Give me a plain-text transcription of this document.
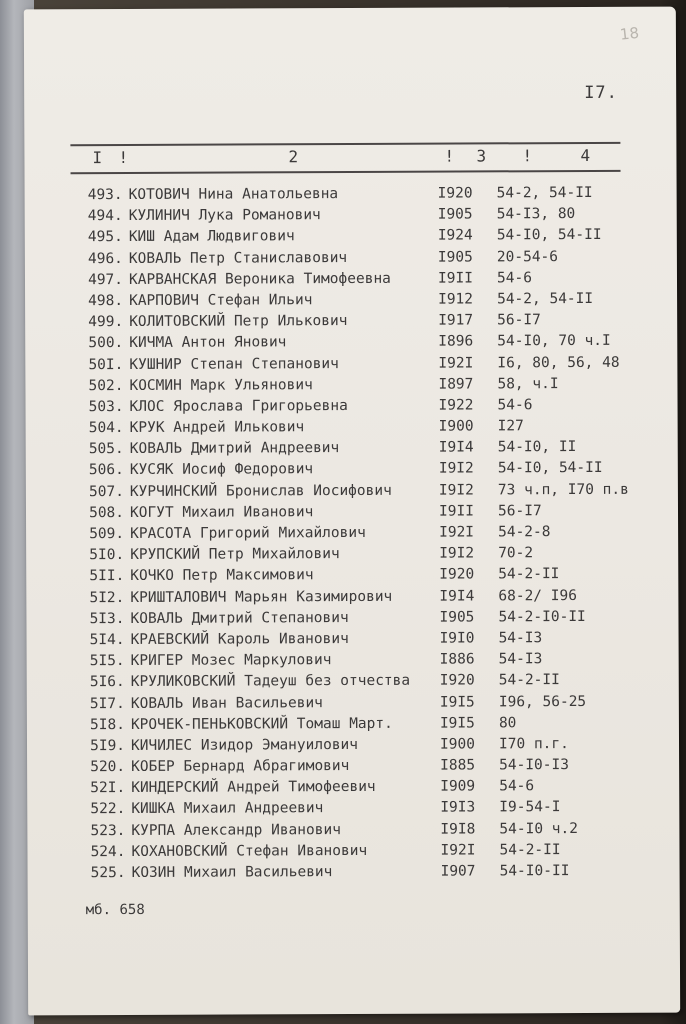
18
I7.
I !	2	! 3 !	4
493. КОТОВИЧ Нина Анатольевна	I920 54-2, 54-II
494. КУЛИНИЧ Лука Романович	I905 54-I3, 80
495. КИШ Адам Людвигович	I924 54-I0, 54-II
496. КОВАЛЬ Петр Станиславович	I905 20-54-6
497. КАРВАНСКАЯ Вероника Тимофеевна	I9II 54-6
498. КАРПОВИЧ Стефан Ильич	I912 54-2, 54-II
499. КОЛИТОВСКИЙ Петр Илькович	I917 56-I7
500. КИЧМА Антон Янович	I896 54-I0, 70 ч.I
50I. КУШНИР Степан Степанович	I92I I6, 80, 56, 48
502. КОСМИН Марк Ульянович	I897 58, ч.I
503. КЛОС Ярослава Григорьевна	I922 54-6
504. КРУК Андрей Илькович	I900 I27
505. КОВАЛЬ Дмитрий Андреевич	I9I4 54-I0, II
506. КУСЯК Иосиф Федорович	I9I2 54-I0, 54-II
507. КУРЧИНСКИЙ Бронислав Иосифович	I9I2 73 ч.п, I70 п.в
508. КОГУТ Михаил Иванович	I9II 56-I7
509. КРАСОТА Григорий Михайлович	I92I 54-2-8
5I0. КРУПСКИЙ Петр Михайлович	I9I2 70-2
5II. КОЧКО Петр Максимович	I920 54-2-II
5I2. КРИШТАЛОВИЧ Марьян Казимирович	I9I4 68-2/ I96
5I3. КОВАЛЬ Дмитрий Степанович	I905 54-2-I0-II
5I4. КРАЕВСКИЙ Кароль Иванович	I9I0 54-I3
5I5. КРИГЕР Мозес Маркулович	I886 54-I3
5I6. КРУЛИКОВСКИЙ Тадеуш без отчества I920 54-2-II
5I7. КОВАЛЬ Иван Васильевич	I9I5 I96, 56-25
5I8. КРОЧЕК-ПЕНЬКОВСКИЙ Томаш Март.	I9I5 80
5I9. КИЧИЛЕС Изидор Эмануилович	I900 I70 п.г.
520. КОБЕР Бернард Абрагимович	I885 54-I0-I3
52I. КИНДЕРСКИЙ Андрей Тимофеевич	I909 54-6
522. КИШКА Михаил Андреевич	I9I3 I9-54-I
523. КУРПА Александр Иванович	I9I8 54-I0 ч.2
524. КОХАНОВСКИЙ Стефан Иванович	I92I 54-2-II
525. КОЗИН Михаил Васильевич	I907 54-I0-II
мб. 658
